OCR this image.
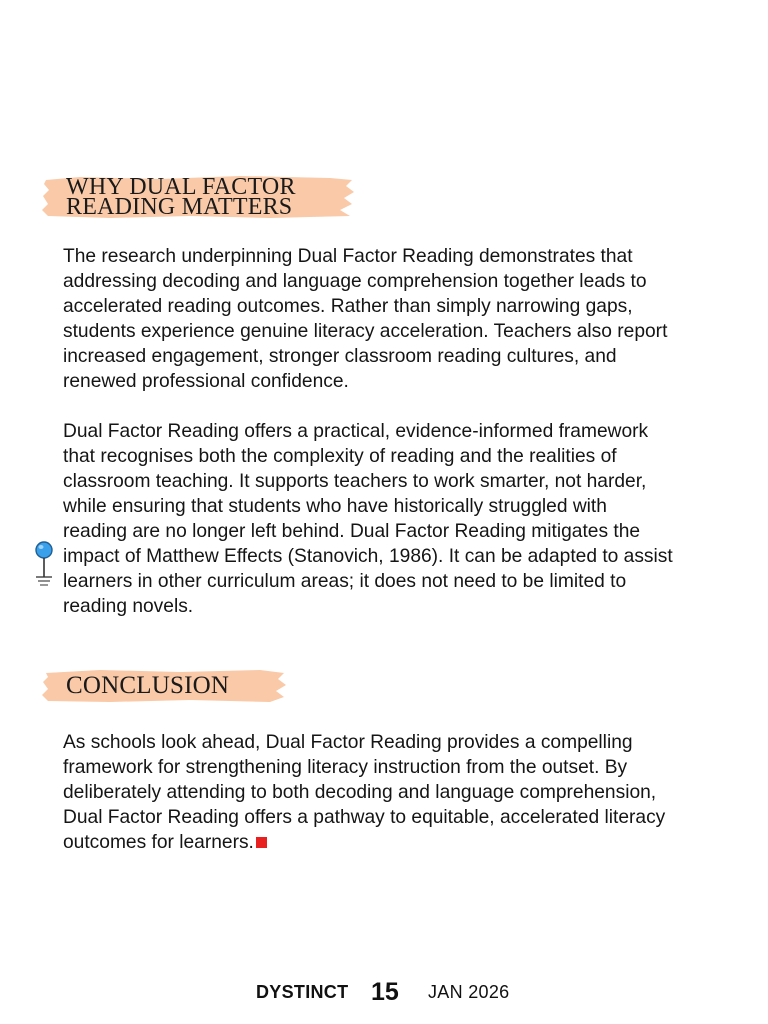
WHY DUAL FACTOR
READING MATTERS

The research underpinning Dual Factor Reading demonstrates that
addressing decoding and language comprehension together leads to
accelerated reading outcomes. Rather than simply narrowing gaps,
students experience genuine literacy acceleration. Teachers also report
increased engagement, stronger classroom reading cultures, and
renewed professional confidence.

Dual Factor Reading offers a practical, evidence-informed framework
that recognises both the complexity of reading and the realities of
classroom teaching. It supports teachers to work smarter, not harder,
while ensuring that students who have historically struggled with
reading are no longer left behind. Dual Factor Reading mitigates the
impact of Matthew Effects (Stanovich, 1986). It can be adapted to assist
learners in other curriculum areas; it does not need to be limited to
reading novels.

CONCLUSION

As schools look ahead, Dual Factor Reading provides a compelling
framework for strengthening literacy instruction from the outset. By
deliberately attending to both decoding and language comprehension,
Dual Factor Reading offers a pathway to equitable, accelerated literacy
outcomes for learners.

DYSTINCT 15 JAN 2026
